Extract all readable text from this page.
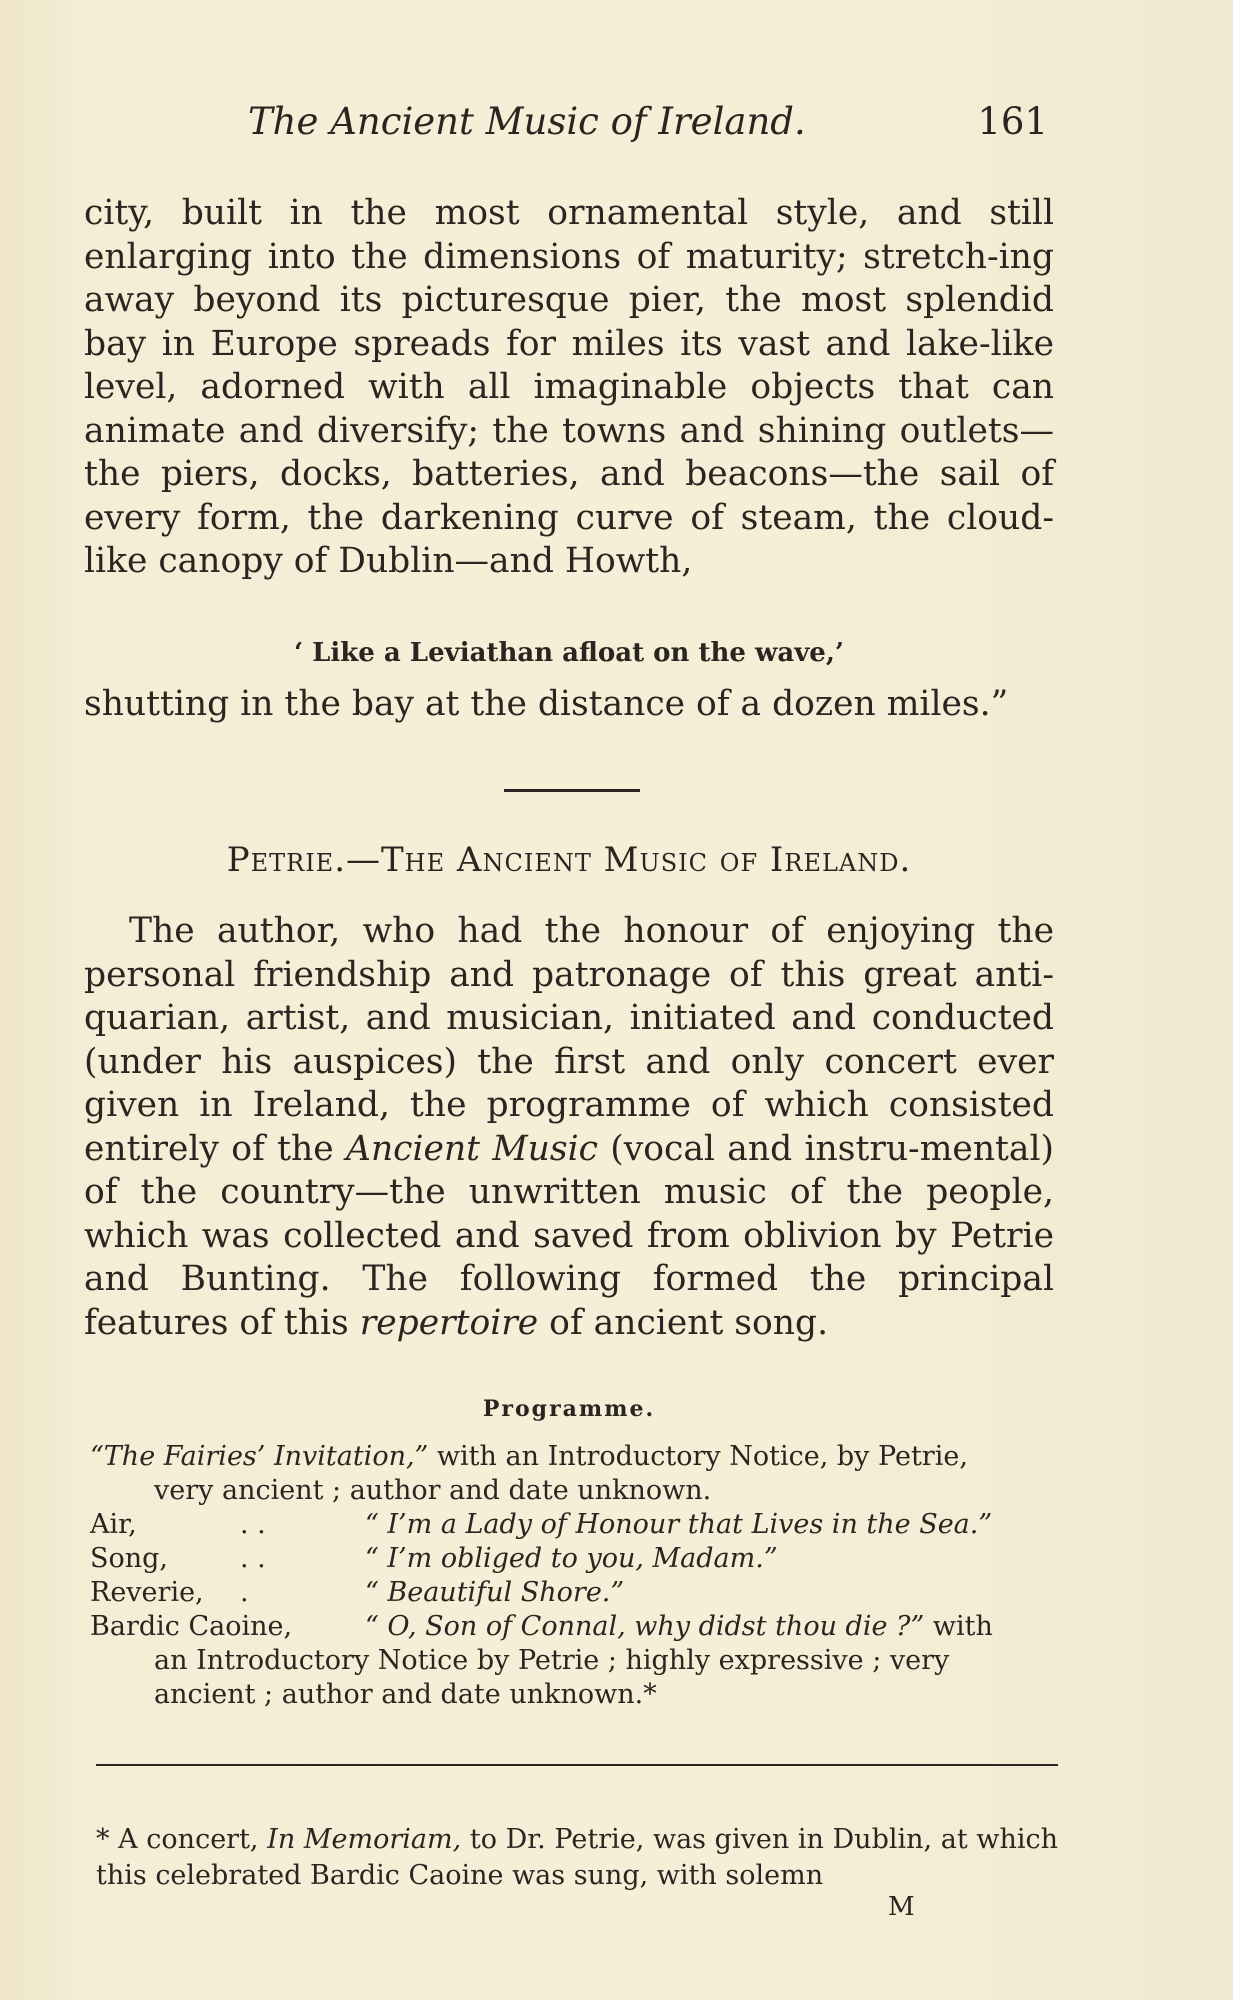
The Ancient Music of Ireland.	161
city, built in the most ornamental style, and still enlarging into the dimensions of maturity; stretch-ing away beyond its picturesque pier, the most splendid bay in Europe spreads for miles its vast and lake-like level, adorned with all imaginable objects that can animate and diversify; the towns and shining outlets—the piers, docks, batteries, and beacons—the sail of every form, the darkening curve of steam, the cloud-like canopy of Dublin—and Howth,
‘ Like a Leviathan afloat on the wave,’
shutting in the bay at the distance of a dozen miles.”
Petrie.—The Ancient Music of Ireland.
The author, who had the honour of enjoying the personal friendship and patronage of this great anti-quarian, artist, and musician, initiated and conducted (under his auspices) the first and only concert ever given in Ireland, the programme of which consisted entirely of the Ancient Music (vocal and instru-mental) of the country—the unwritten music of the people, which was collected and saved from oblivion by Petrie and Bunting. The following formed the principal features of this repertoire of ancient song.
Programme.
“The Fairies’ Invitation,” with an Introductory Notice, by Petrie,
very ancient ; author and date unknown.
Air,	. .	“ I’m a Lady of Honour that Lives in the Sea.”
Song,	. .	“ I’m obliged to you, Madam.”
Reverie, .	“ Beautiful Shore.”
Bardic Caoine,	“ O, Son of Connal, why didst thou die ?” with
an Introductory Notice by Petrie ; highly expressive ; very
ancient ; author and date unknown.*
* A concert, In Memoriam, to Dr. Petrie, was given in Dublin, at which this celebrated Bardic Caoine was sung, with solemn
M
